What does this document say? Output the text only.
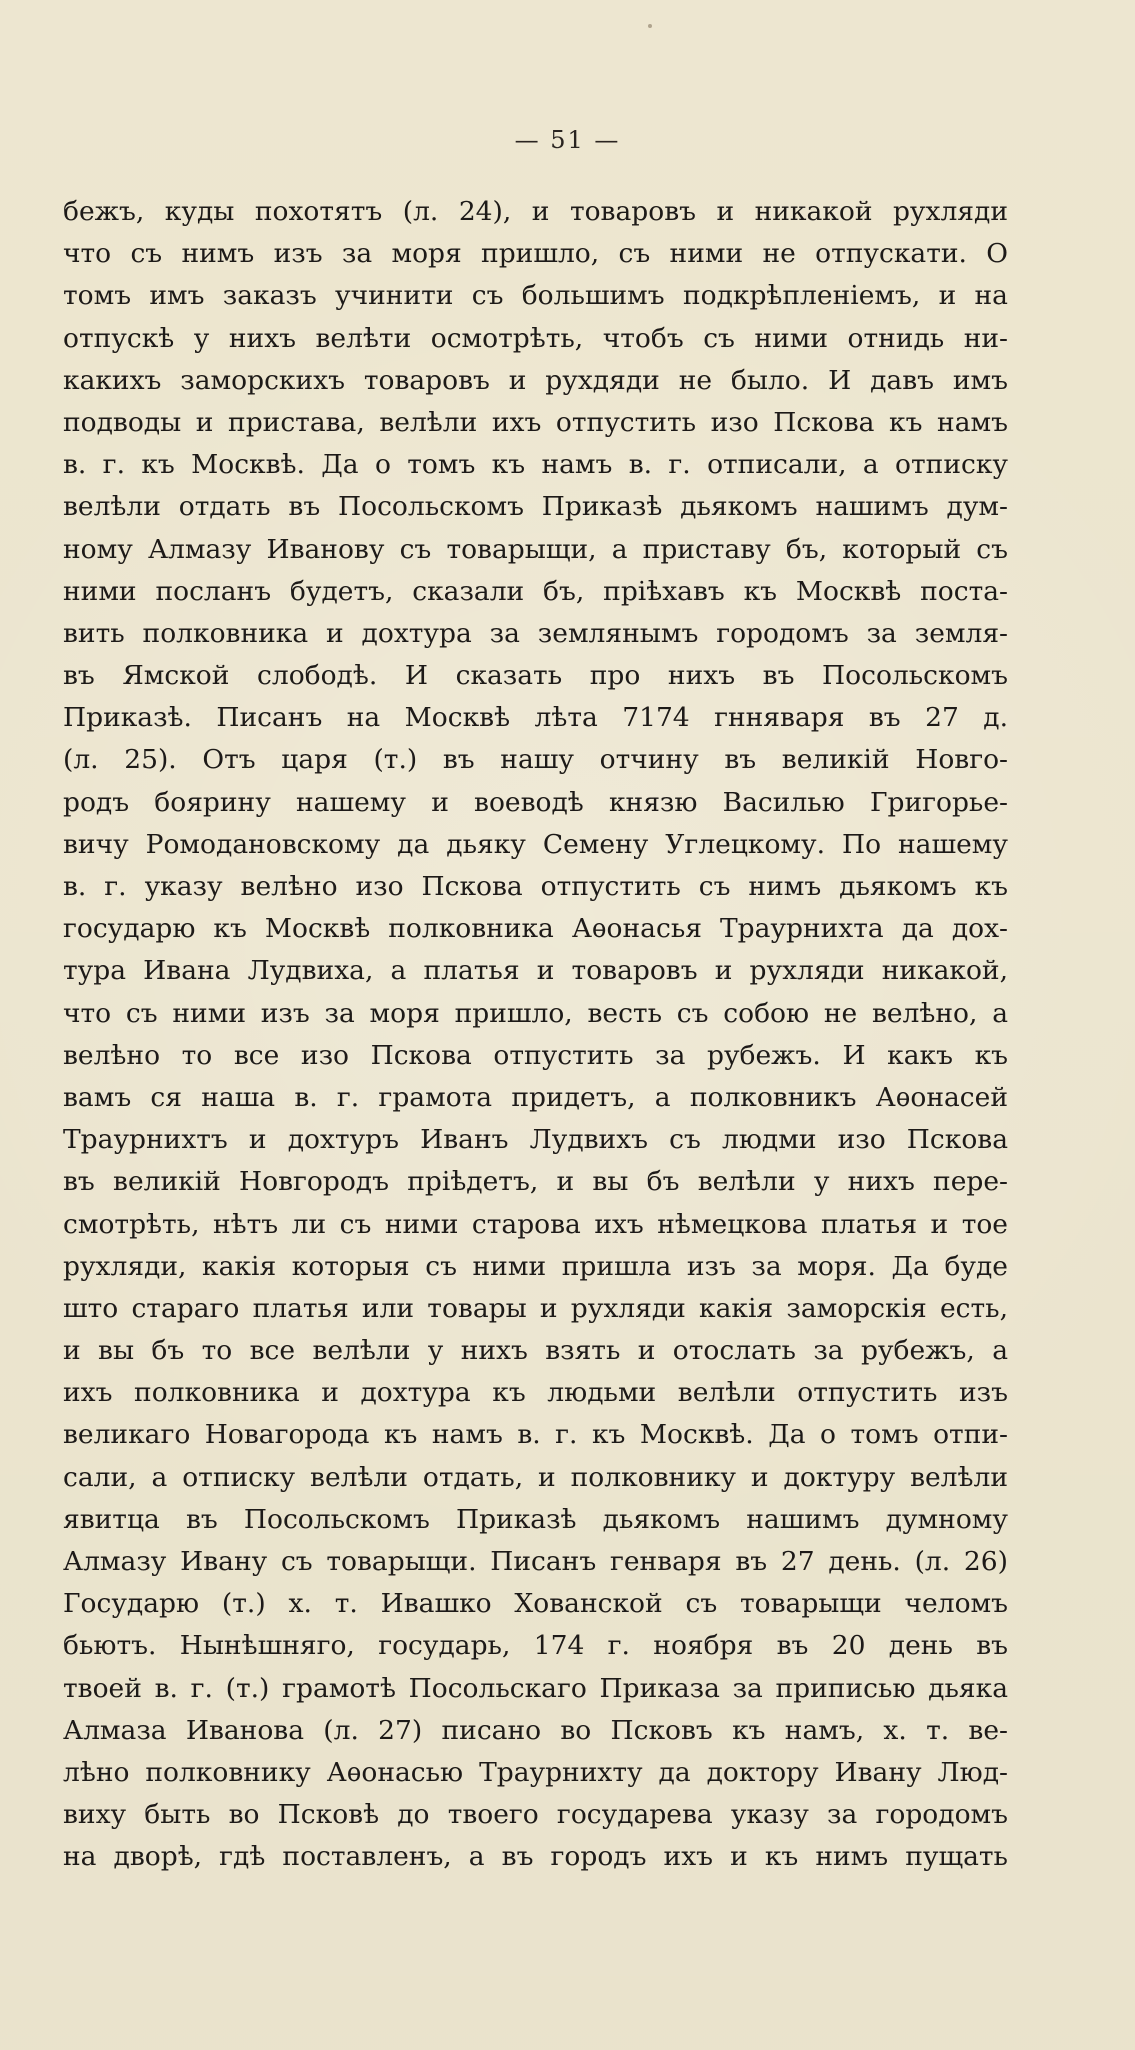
— 51 —
бежъ, куды похотятъ (л. 24), и товаровъ и никакой рухляди
что съ нимъ изъ за моря пришло, съ ними не отпускати. О
томъ имъ заказъ учинити съ большимъ подкрѣпленіемъ, и на
отпускѣ у нихъ велѣти осмотрѣть, чтобъ съ ними отнидь ни-
какихъ заморскихъ товаровъ и рухдяди не было. И давъ имъ
подводы и пристава, велѣли ихъ отпустить изо Пскова къ намъ
в. г. къ Москвѣ. Да о томъ къ намъ в. г. отписали, а отписку
велѣли отдать въ Посольскомъ Приказѣ дьякомъ нашимъ дум-
ному Алмазу Иванову съ товарыщи, а приставу бъ, который съ
ними посланъ будетъ, сказали бъ, пріѣхавъ къ Москвѣ поста-
вить полковника и дохтура за землянымъ городомъ за земля-
въ Ямской слободѣ. И сказать про нихъ въ Посольскомъ
Приказѣ. Писанъ на Москвѣ лѣта 7174 гнняваря въ 27 д.
(л. 25). Отъ царя (т.) въ нашу отчину въ великій Новго-
родъ боярину нашему и воеводѣ князю Василью Григорье-
вичу Ромодановскому да дьяку Семену Углецкому. По нашему
в. г. указу велѣно изо Пскова отпустить съ нимъ дьякомъ къ
государю къ Москвѣ полковника Аѳонасья Траурнихта да дох-
тура Ивана Лудвиха, а платья и товаровъ и рухляди никакой,
что съ ними изъ за моря пришло, весть съ собою не велѣно, а
велѣно то все изо Пскова отпустить за рубежъ. И какъ къ
вамъ ся наша в. г. грамота придетъ, а полковникъ Аѳонасей
Траурнихтъ и дохтуръ Иванъ Лудвихъ съ людми изо Пскова
въ великій Новгородъ пріѣдетъ, и вы бъ велѣли у нихъ пере-
смотрѣть, нѣтъ ли съ ними старова ихъ нѣмецкова платья и тое
рухляди, какія которыя съ ними пришла изъ за моря. Да буде
што стараго платья или товары и рухляди какія заморскія есть,
и вы бъ то все велѣли у нихъ взять и отослать за рубежъ, а
ихъ полковника и дохтура къ людьми велѣли отпустить изъ
великаго Новагорода къ намъ в. г. къ Москвѣ. Да о томъ отпи-
сали, а отписку велѣли отдать, и полковнику и доктуру велѣли
явитца въ Посольскомъ Приказѣ дьякомъ нашимъ думному
Алмазу Ивану съ товарыщи. Писанъ генваря въ 27 день. (л. 26)
Государю (т.) х. т. Ивашко Хованской съ товарыщи челомъ
бьютъ. Нынѣшняго, государь, 174 г. ноября въ 20 день въ
твоей в. г. (т.) грамотѣ Посольскаго Приказа за приписью дьяка
Алмаза Иванова (л. 27) писано во Псковъ къ намъ, х. т. ве-
лѣно полковнику Аѳонасью Траурнихту да доктору Ивану Люд-
виху быть во Псковѣ до твоего государева указу за городомъ
на дворѣ, гдѣ поставленъ, а въ городъ ихъ и къ нимъ пущать
